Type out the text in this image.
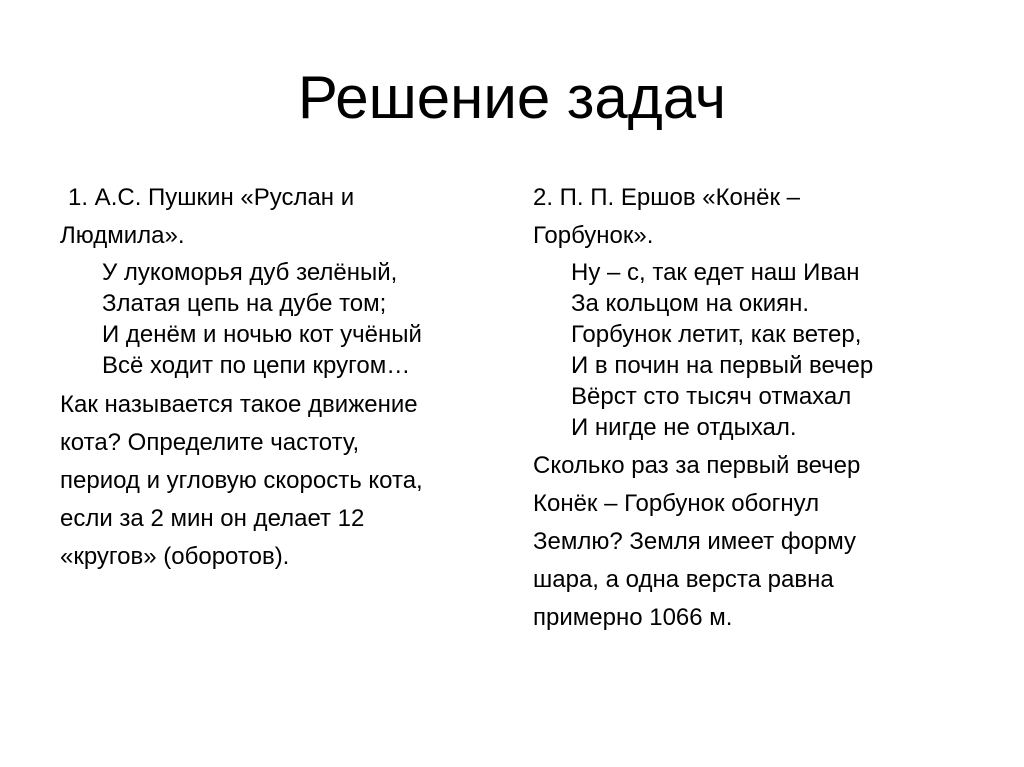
Решение задач
1. А.С. Пушкин «Руслан и
Людмила».
У лукоморья дуб зелёный,
Златая цепь на дубе том;
И денём и ночью кот учёный
Всё ходит по цепи кругом…
Как называется такое движение
кота? Определите частоту,
период и угловую скорость кота,
если за 2 мин он делает 12
«кругов» (оборотов).
2. П. П. Ершов «Конёк –
Горбунок».
Ну – с, так едет наш Иван
За кольцом на окиян.
Горбунок летит, как ветер,
И в почин на первый вечер
Вёрст сто тысяч отмахал
И нигде не отдыхал.
Сколько раз за первый вечер
Конёк – Горбунок обогнул
Землю? Земля имеет форму
шара, а одна верста равна
примерно 1066 м.
